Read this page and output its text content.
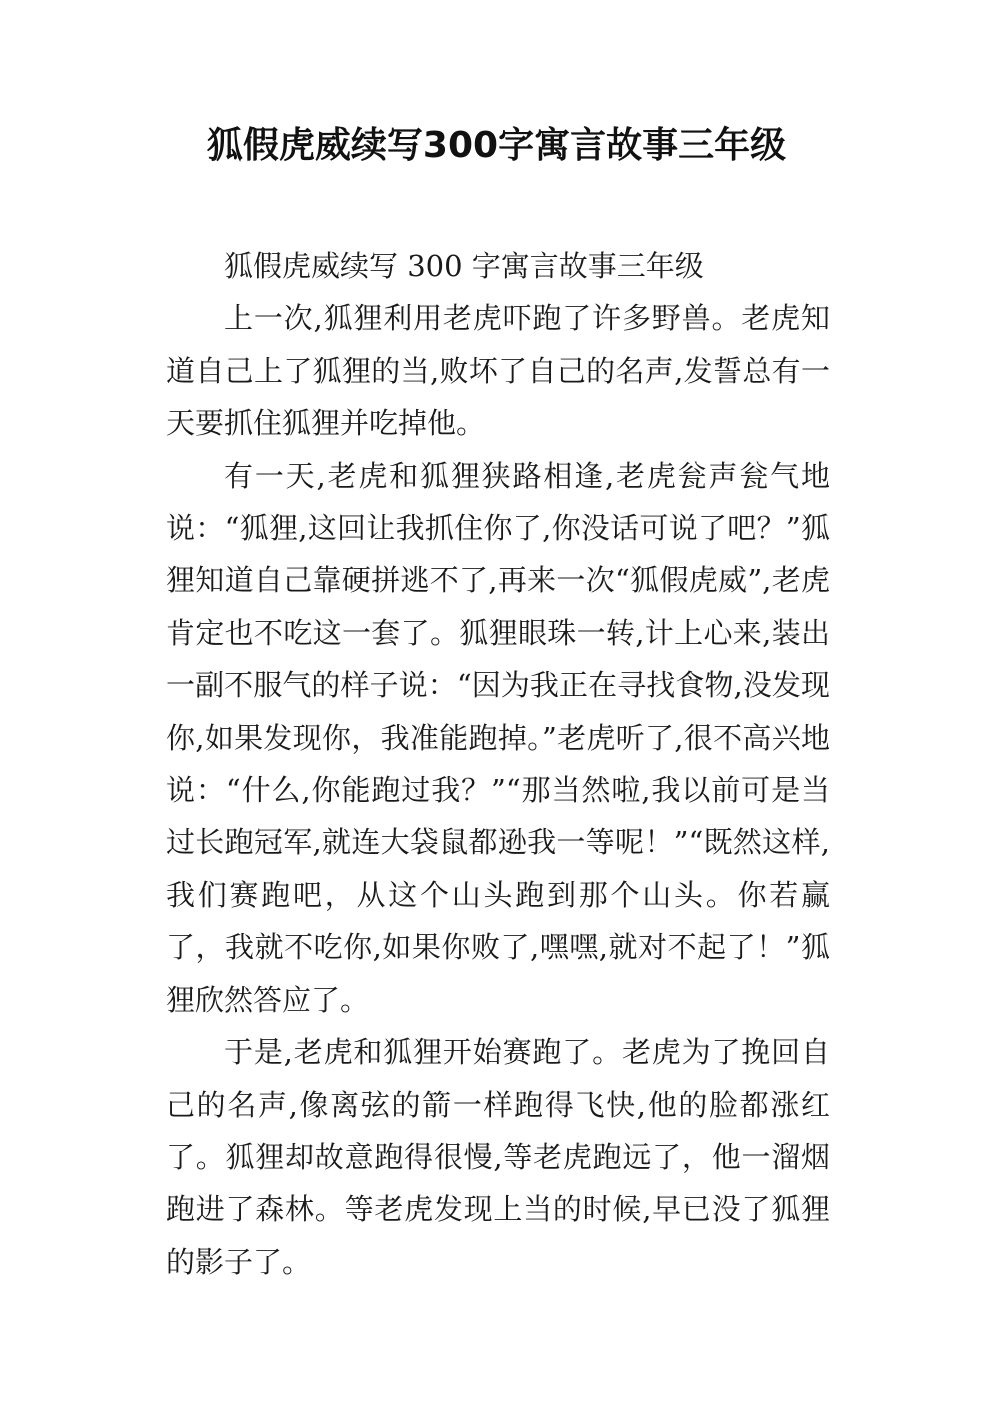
狐假虎威续写300字寓言故事三年级

狐假虎威续写 300 字寓言故事三年级

上一次,狐狸利用老虎吓跑了许多野兽。老虎知道自己上了狐狸的当,败坏了自己的名声,发誓总有一天要抓住狐狸并吃掉他。

有一天,老虎和狐狸狭路相逢,老虎瓮声瓮气地说：“狐狸,这回让我抓住你了,你没话可说了吧？”狐狸知道自己靠硬拼逃不了,再来一次“狐假虎威”,老虎肯定也不吃这一套了。狐狸眼珠一转,计上心来,装出一副不服气的样子说：“因为我正在寻找食物,没发现你,如果发现你，我准能跑掉。”老虎听了,很不高兴地说：“什么,你能跑过我？”“那当然啦,我以前可是当过长跑冠军,就连大袋鼠都逊我一等呢！”“既然这样,我们赛跑吧，从这个山头跑到那个山头。你若赢了，我就不吃你,如果你败了,嘿嘿,就对不起了！”狐狸欣然答应了。

于是,老虎和狐狸开始赛跑了。老虎为了挽回自己的名声,像离弦的箭一样跑得飞快,他的脸都涨红了。狐狸却故意跑得很慢,等老虎跑远了，他一溜烟跑进了森林。等老虎发现上当的时候,早已没了狐狸的影子了。
